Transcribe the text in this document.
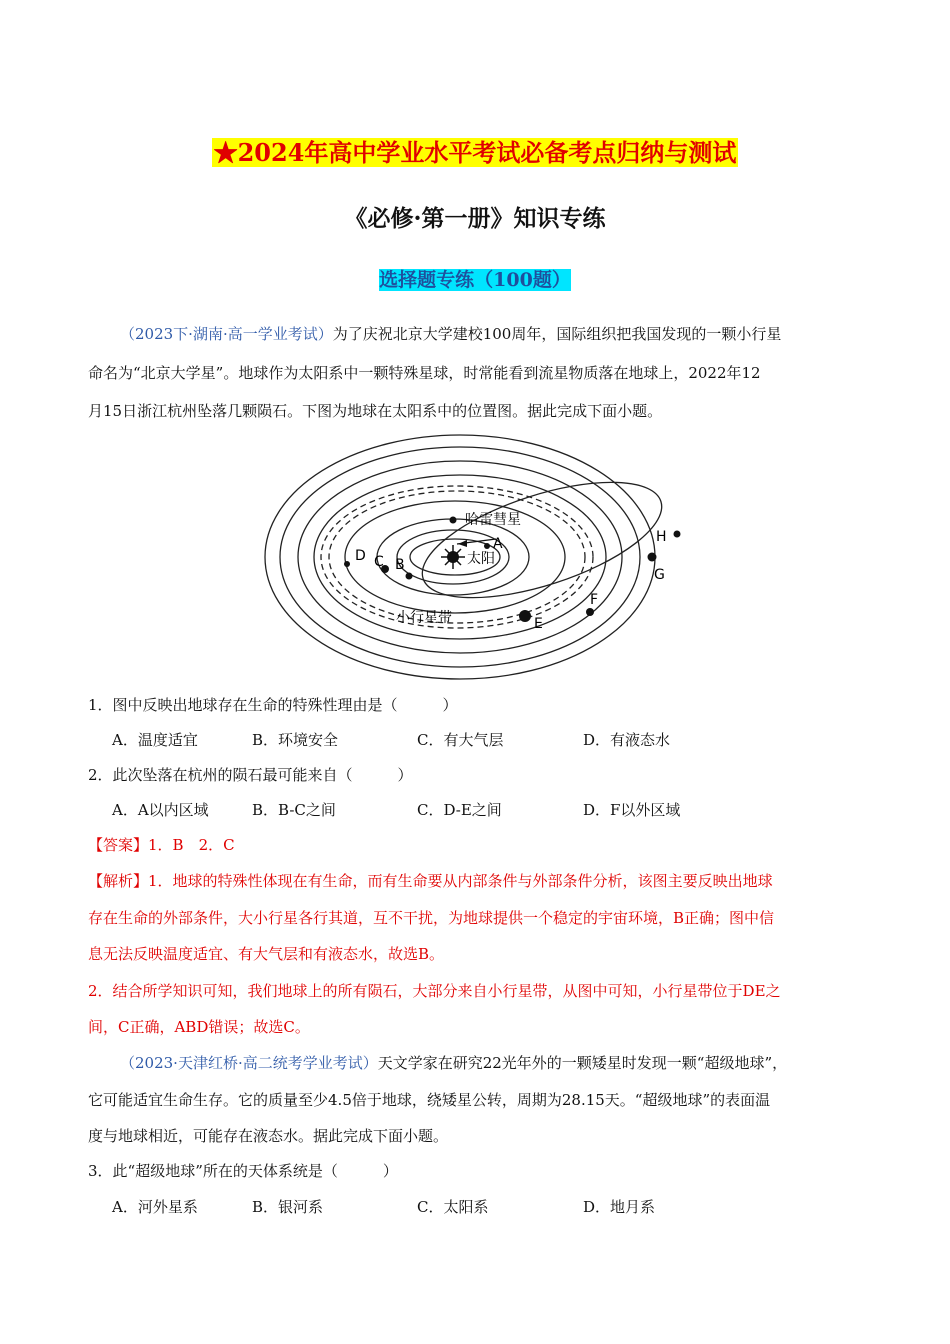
★2024年高中学业水平考试必备考点归纳与测试
《必修·第一册》知识专练
选择题专练（100题）
（2023下·湖南·高一学业考试）为了庆祝北京大学建校100周年，国际组织把我国发现的一颗小行星
命名为“北京大学星”。地球作为太阳系中一颗特殊星球，时常能看到流星物质落在地球上，2022年12
月15日浙江杭州坠落几颗陨石。下图为地球在太阳系中的位置图。据此完成下面小题。
太阳
哈雷彗星
A
B
C
D
E
F
G
H
小行星带
1．图中反映出地球存在生命的特殊性理由是（　　　）
A．温度适宜	B．环境安全	C．有大气层	D．有液态水
2．此次坠落在杭州的陨石最可能来自（　　　）
A．A以内区域	B．B-C之间	C．D-E之间	D．F以外区域
【答案】1．B　2．C
【解析】1．地球的特殊性体现在有生命，而有生命要从内部条件与外部条件分析，该图主要反映出地球
存在生命的外部条件，大小行星各行其道，互不干扰，为地球提供一个稳定的宇宙环境，B正确；图中信
息无法反映温度适宜、有大气层和有液态水，故选B。
2．结合所学知识可知，我们地球上的所有陨石，大部分来自小行星带，从图中可知，小行星带位于DE之
间，C正确，ABD错误；故选C。
（2023·天津红桥·高二统考学业考试）天文学家在研究22光年外的一颗矮星时发现一颗“超级地球”，
它可能适宜生命生存。它的质量至少4.5倍于地球，绕矮星公转，周期为28.15天。“超级地球”的表面温
度与地球相近，可能存在液态水。据此完成下面小题。
3．此“超级地球”所在的天体系统是（　　　）
A．河外星系	B．银河系	C．太阳系	D．地月系
